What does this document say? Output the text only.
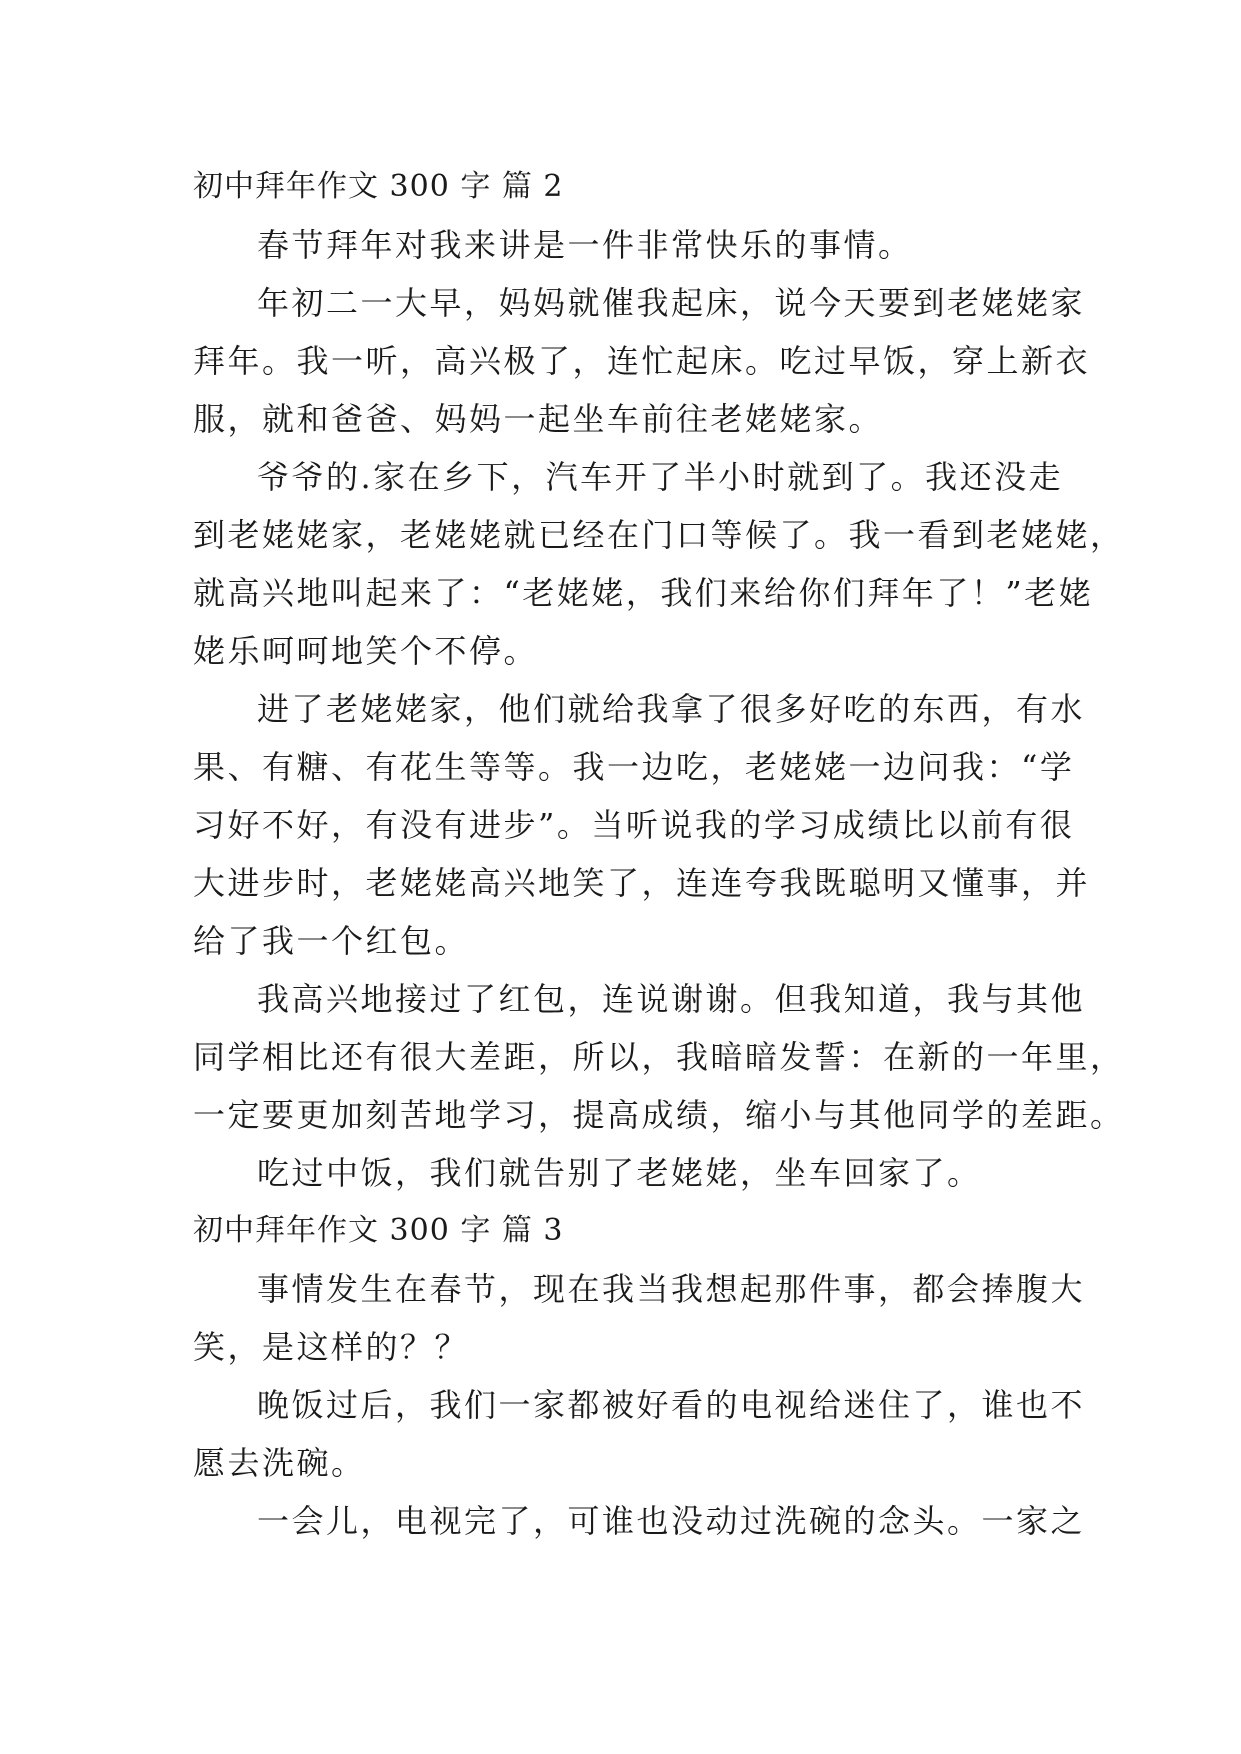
初中拜年作文 300 字 篇 2

春节拜年对我来讲是一件非常快乐的事情。

年初二一大早，妈妈就催我起床，说今天要到老姥姥家
拜年。我一听，高兴极了，连忙起床。吃过早饭，穿上新衣
服，就和爸爸、妈妈一起坐车前往老姥姥家。

爷爷的.家在乡下，汽车开了半小时就到了。我还没走
到老姥姥家，老姥姥就已经在门口等候了。我一看到老姥姥，
就高兴地叫起来了：“老姥姥，我们来给你们拜年了！”老姥
姥乐呵呵地笑个不停。

进了老姥姥家，他们就给我拿了很多好吃的东西，有水
果、有糖、有花生等等。我一边吃，老姥姥一边问我：“学
习好不好，有没有进步”。当听说我的学习成绩比以前有很
大进步时，老姥姥高兴地笑了，连连夸我既聪明又懂事，并
给了我一个红包。

我高兴地接过了红包，连说谢谢。但我知道，我与其他
同学相比还有很大差距，所以，我暗暗发誓：在新的一年里，
一定要更加刻苦地学习，提高成绩，缩小与其他同学的差距。

吃过中饭，我们就告别了老姥姥，坐车回家了。

初中拜年作文 300 字 篇 3

事情发生在春节，现在我当我想起那件事，都会捧腹大
笑，是这样的？？

晚饭过后，我们一家都被好看的电视给迷住了，谁也不
愿去洗碗。

一会儿，电视完了，可谁也没动过洗碗的念头。一家之
